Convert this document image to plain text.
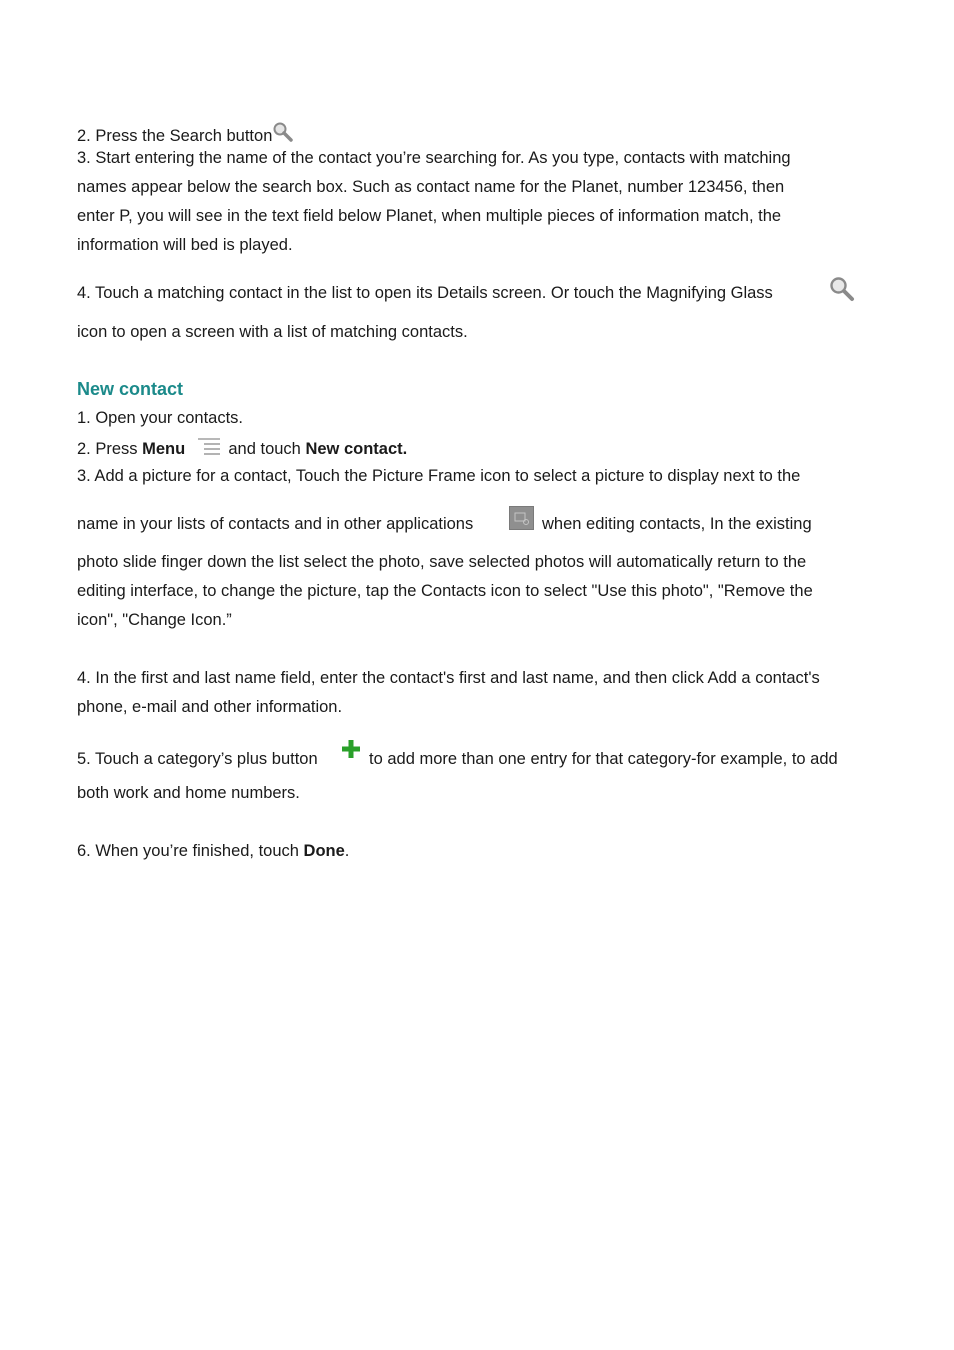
2. Press the Search button
3. Start entering the name of the contact you’re searching for. As you type, contacts with matching
names appear below the search box. Such as contact name for the Planet, number 123456, then
enter P, you will see in the text field below Planet, when multiple pieces of information match, the
information will bed is played.
4. Touch a matching contact in the list to open its Details screen. Or touch the Magnifying Glass
icon to open a screen with a list of matching contacts.
New contact
1. Open your contacts.
2. Press Menu  and touch New contact.
3. Add a picture for a contact, Touch the Picture Frame icon to select a picture to display next to the
name in your lists of contacts and in other applications	when editing contacts, In the existing
photo slide finger down the list select the photo, save selected photos will automatically return to the
editing interface, to change the picture, tap the Contacts icon to select "Use this photo", "Remove the
icon", "Change Icon.”
4. In the first and last name field, enter the contact's first and last name, and then click Add a contact's
phone, e-mail and other information.
5. Touch a category’s plus button	to add more than one entry for that category-for example, to add
both work and home numbers.
6. When you’re finished, touch Done.
